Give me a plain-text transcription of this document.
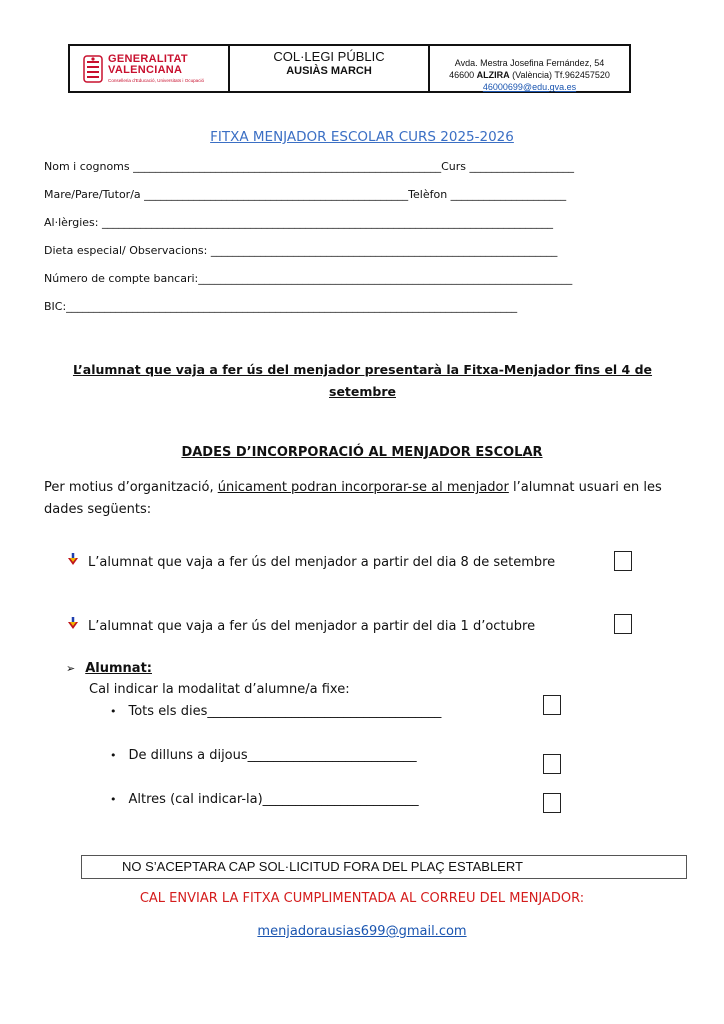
GENERALITAT
VALENCIANA
Conselleria d'Educació, Universitats i Ocupació
COL·LEGI PÚBLIC
AUSIÀS MARCH
Avda. Mestra Josefina Fernández, 54
46600 ALZIRA (València) Tf.962457520
46000699@edu.gva.es
FITXA MENJADOR ESCOLAR CURS 2025-2026
Nom i cognoms ________________________________________________________Curs ___________________
Mare/Pare/Tutor/a ________________________________________________Telèfon _____________________
Al·lèrgies: __________________________________________________________________________________
Dieta especial/ Observacions: _______________________________________________________________
Número de compte bancari:____________________________________________________________________
BIC:__________________________________________________________________________________
L’alumnat que vaja a fer ús del menjador presentarà la Fitxa-Menjador fins el 4 de setembre
DADES D’INCORPORACIÓ AL MENJADOR ESCOLAR
Per motius d’organització, únicament podran incorporar-se al menjador l’alumnat usuari en les dades següents:
L’alumnat que vaja a fer ús del menjador a partir del dia 8 de setembre
L’alumnat que vaja a fer ús del menjador a partir del dia 1 d’octubre
➢ Alumnat:
Cal indicar la modalitat d’alumne/a fixe:
• Tots els dies____________________________________
• De dilluns a dijous__________________________
• Altres (cal indicar-la)________________________
NO S’ACEPTARA CAP SOL·LICITUD FORA DEL PLAÇ ESTABLERT
CAL ENVIAR LA FITXA CUMPLIMENTADA AL CORREU DEL MENJADOR:
menjadorausias699@gmail.com
